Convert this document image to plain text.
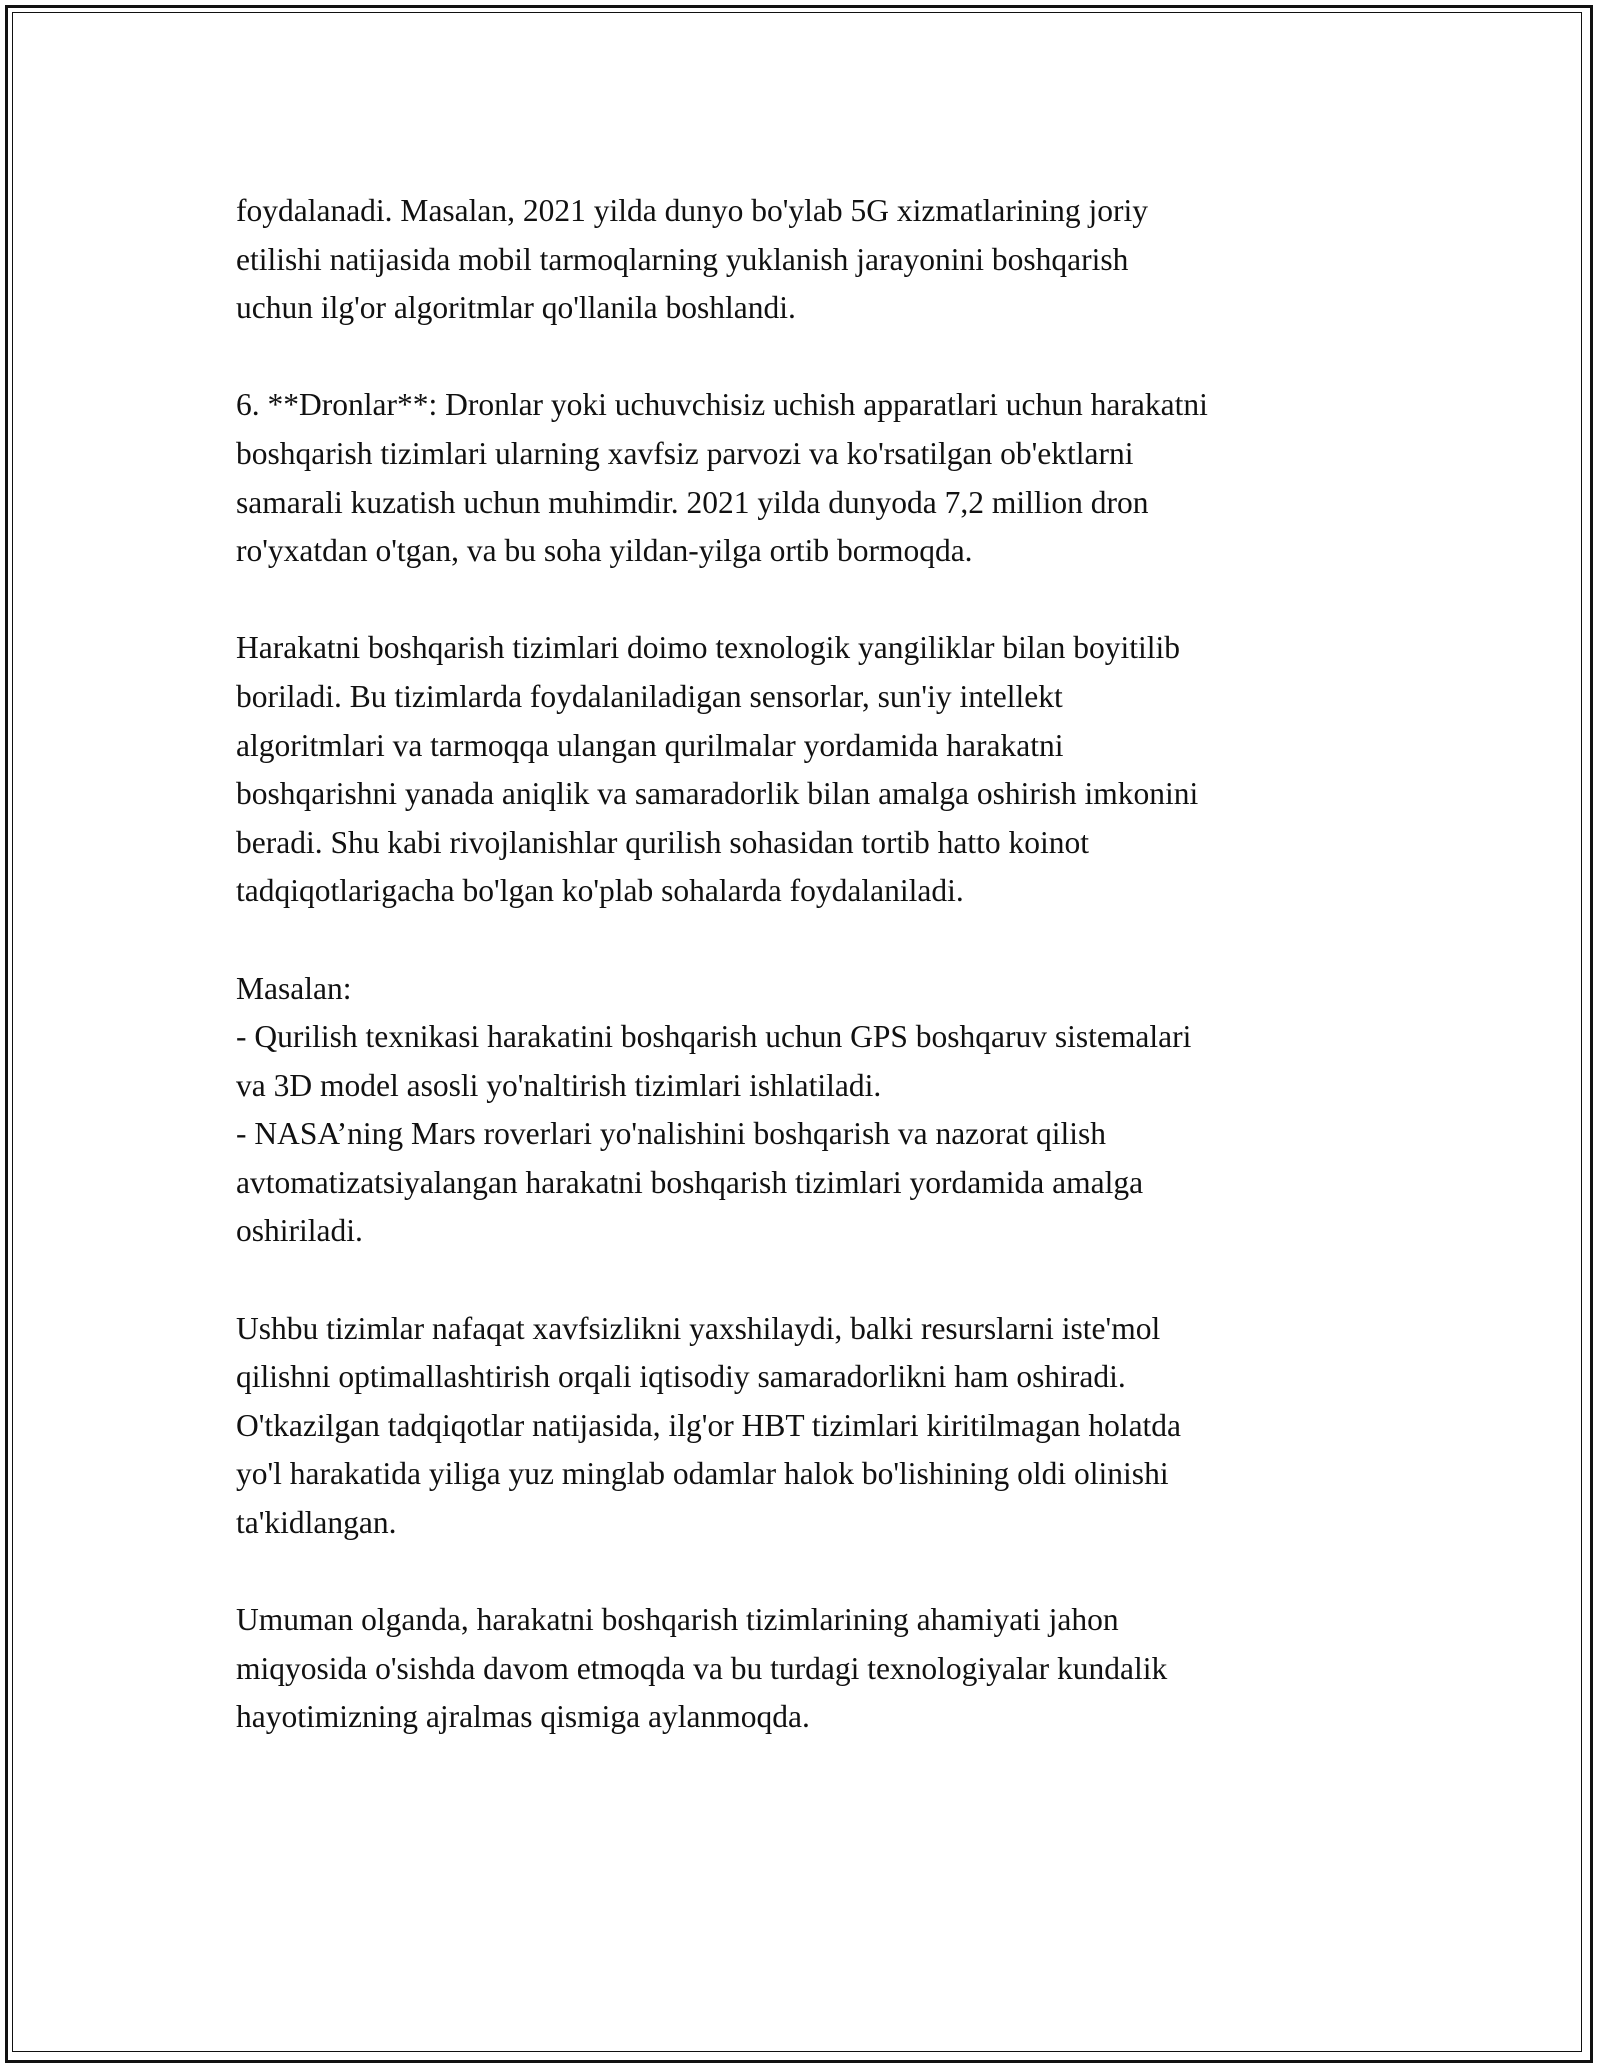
foydalanadi. Masalan, 2021 yilda dunyo bo'ylab 5G xizmatlarining joriy
etilishi natijasida mobil tarmoqlarning yuklanish jarayonini boshqarish
uchun ilg'or algoritmlar qo'llanila boshlandi.
6. **Dronlar**: Dronlar yoki uchuvchisiz uchish apparatlari uchun harakatni
boshqarish tizimlari ularning xavfsiz parvozi va ko'rsatilgan ob'ektlarni
samarali kuzatish uchun muhimdir. 2021 yilda dunyoda 7,2 million dron
ro'yxatdan o'tgan, va bu soha yildan-yilga ortib bormoqda.
Harakatni boshqarish tizimlari doimo texnologik yangiliklar bilan boyitilib
boriladi. Bu tizimlarda foydalaniladigan sensorlar, sun'iy intellekt
algoritmlari va tarmoqqa ulangan qurilmalar yordamida harakatni
boshqarishni yanada aniqlik va samaradorlik bilan amalga oshirish imkonini
beradi. Shu kabi rivojlanishlar qurilish sohasidan tortib hatto koinot
tadqiqotlarigacha bo'lgan ko'plab sohalarda foydalaniladi.
Masalan:
- Qurilish texnikasi harakatini boshqarish uchun GPS boshqaruv sistemalari
va 3D model asosli yo'naltirish tizimlari ishlatiladi.
- NASA’ning Mars roverlari yo'nalishini boshqarish va nazorat qilish
avtomatizatsiyalangan harakatni boshqarish tizimlari yordamida amalga
oshiriladi.
Ushbu tizimlar nafaqat xavfsizlikni yaxshilaydi, balki resurslarni iste'mol
qilishni optimallashtirish orqali iqtisodiy samaradorlikni ham oshiradi.
O'tkazilgan tadqiqotlar natijasida, ilg'or HBT tizimlari kiritilmagan holatda
yo'l harakatida yiliga yuz minglab odamlar halok bo'lishining oldi olinishi
ta'kidlangan.
Umuman olganda, harakatni boshqarish tizimlarining ahamiyati jahon
miqyosida o'sishda davom etmoqda va bu turdagi texnologiyalar kundalik
hayotimizning ajralmas qismiga aylanmoqda.
